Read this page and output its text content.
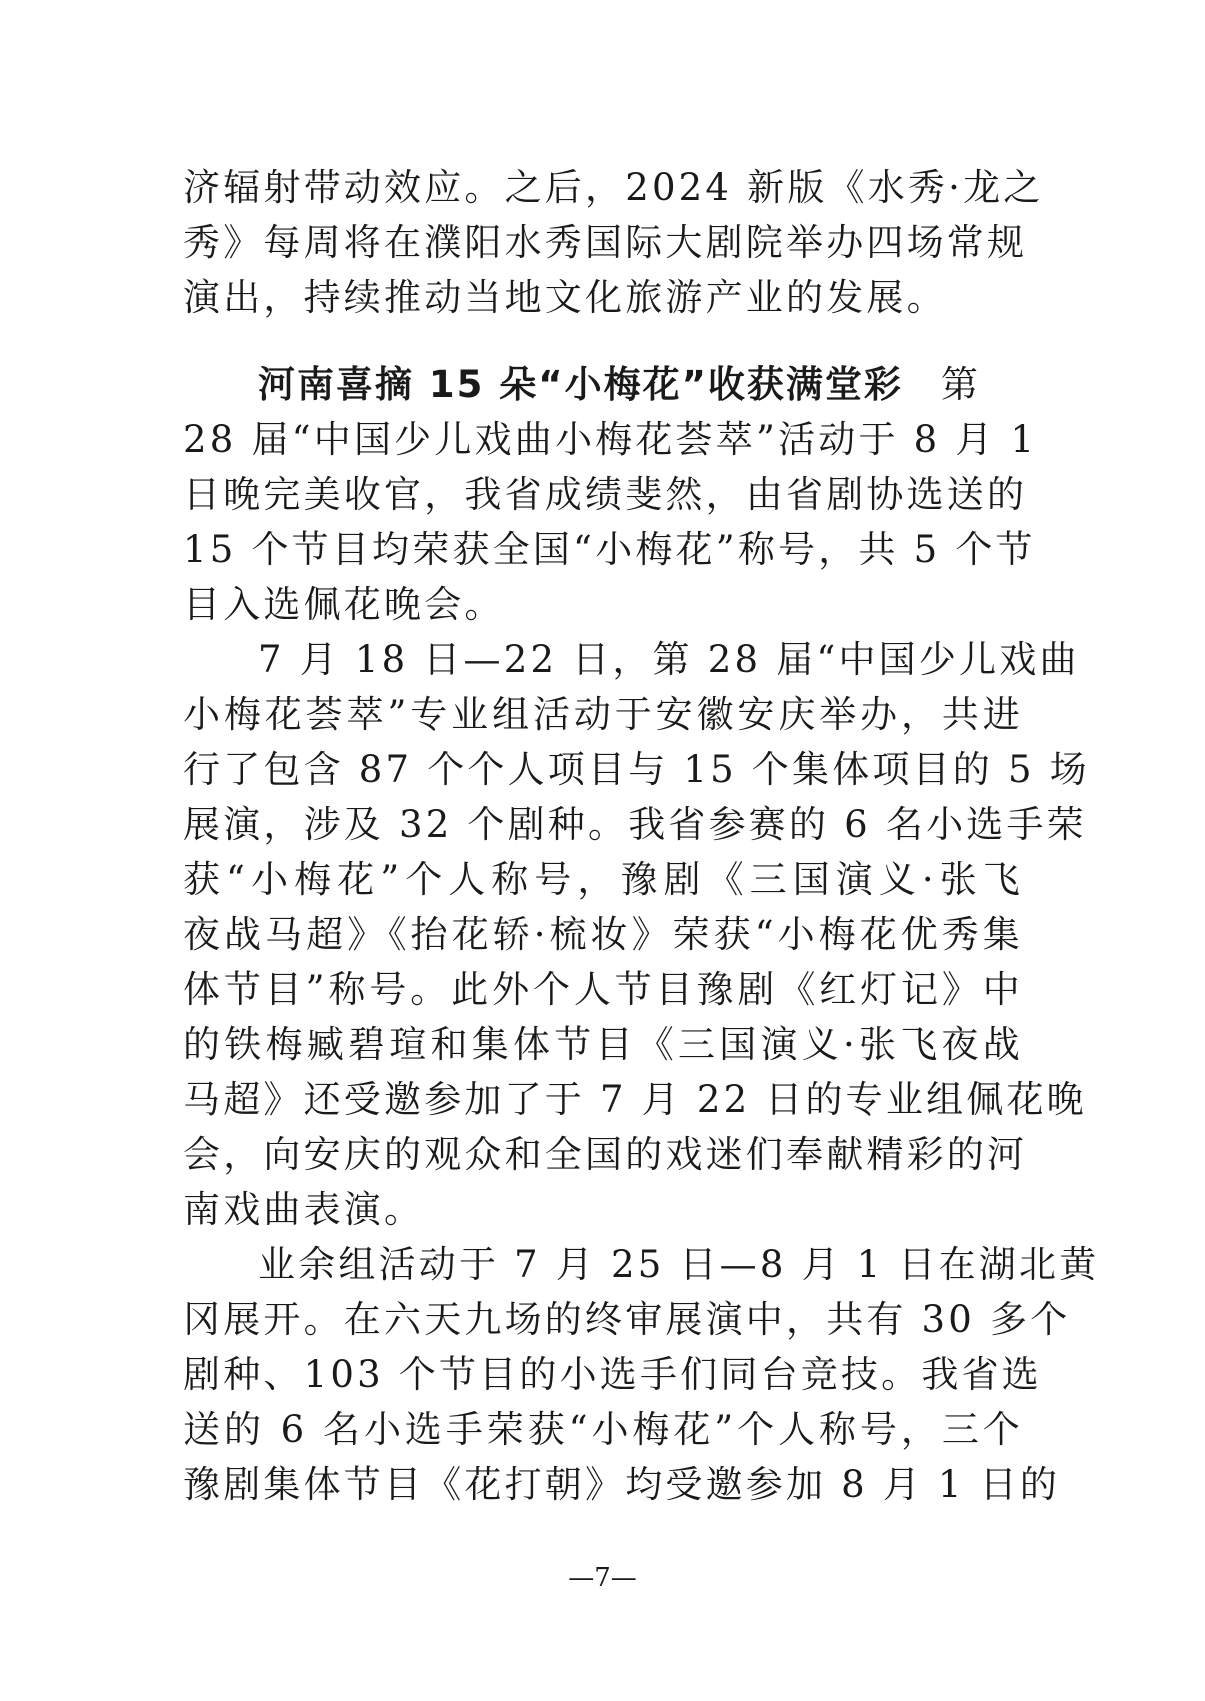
济辐射带动效应。之后，2024 新版《水秀·龙之
秀》每周将在濮阳水秀国际大剧院举办四场常规
演出，持续推动当地文化旅游产业的发展。
河南喜摘 15 朵“小梅花”收获满堂彩 第
28 届“中国少儿戏曲小梅花荟萃”活动于 8 月 1
日晚完美收官，我省成绩斐然，由省剧协选送的
15 个节目均荣获全国“小梅花”称号，共 5 个节
目入选佩花晚会。
7 月 18 日—22 日，第 28 届“中国少儿戏曲
小梅花荟萃”专业组活动于安徽安庆举办，共进
行了包含 87 个个人项目与 15 个集体项目的 5 场
展演，涉及 32 个剧种。我省参赛的 6 名小选手荣
获“小梅花”个人称号，豫剧《三国演义·张飞
夜战马超》《抬花轿·梳妆》荣获“小梅花优秀集
体节目”称号。此外个人节目豫剧《红灯记》中
的铁梅臧碧瑄和集体节目《三国演义·张飞夜战
马超》还受邀参加了于 7 月 22 日的专业组佩花晚
会，向安庆的观众和全国的戏迷们奉献精彩的河
南戏曲表演。
业余组活动于 7 月 25 日—8 月 1 日在湖北黄
冈展开。在六天九场的终审展演中，共有 30 多个
剧种、103 个节目的小选手们同台竞技。我省选
送的 6 名小选手荣获“小梅花”个人称号，三个
豫剧集体节目《花打朝》均受邀参加 8 月 1 日的
—7—
